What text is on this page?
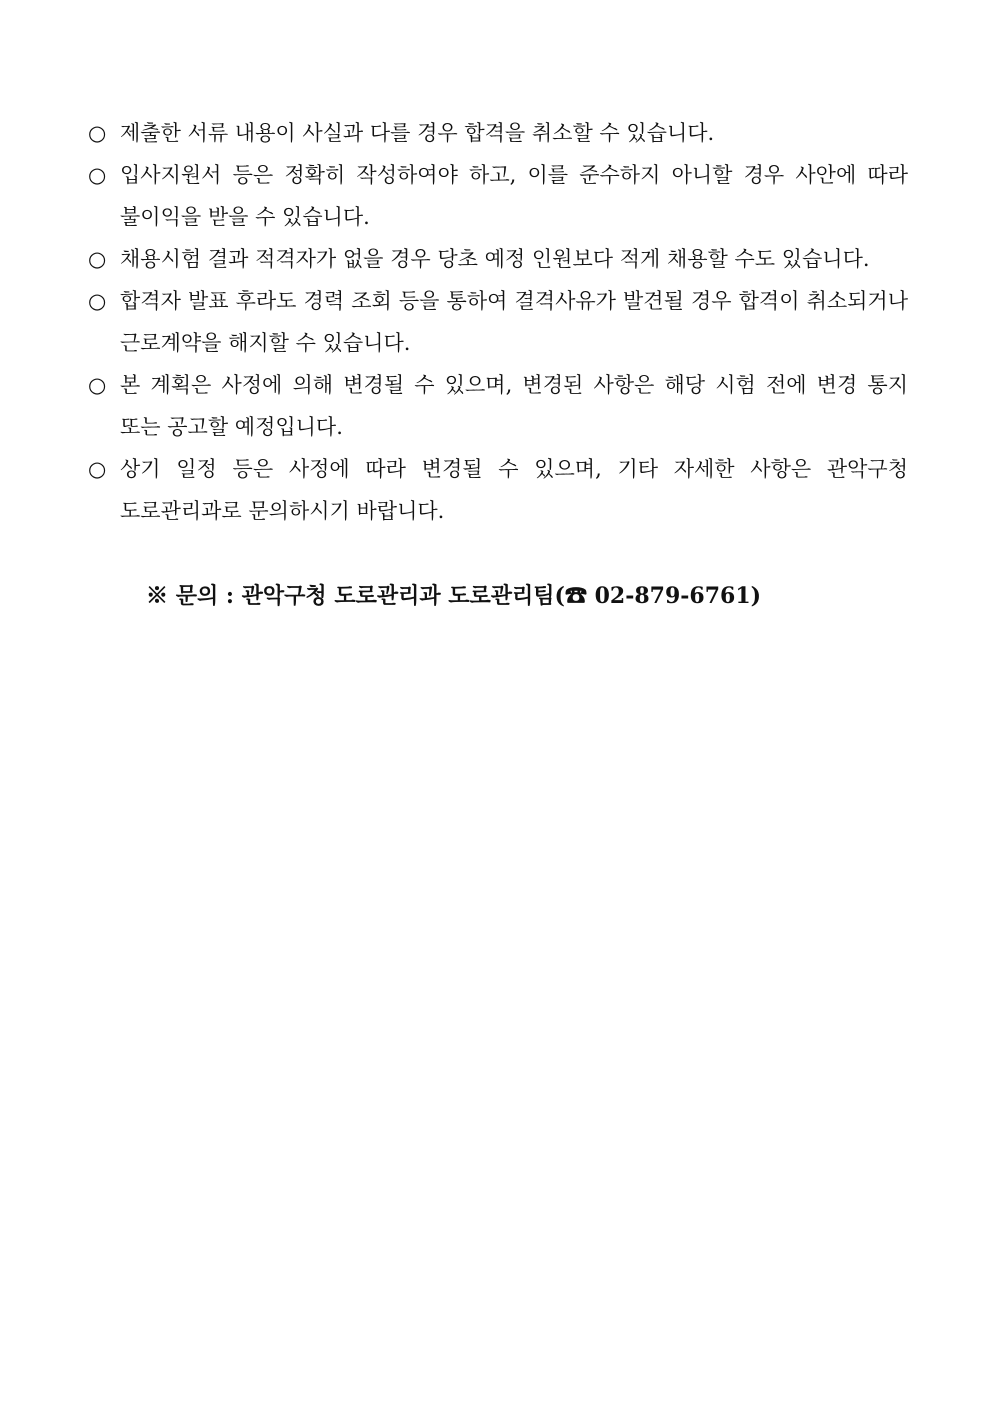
○ 제출한 서류 내용이 사실과 다를 경우 합격을 취소할 수 있습니다.
○ 입사지원서 등은 정확히 작성하여야 하고, 이를 준수하지 아니할 경우 사안에 따라 불이익을 받을 수 있습니다.
○ 채용시험 결과 적격자가 없을 경우 당초 예정 인원보다 적게 채용할 수도 있습니다.
○ 합격자 발표 후라도 경력 조회 등을 통하여 결격사유가 발견될 경우 합격이 취소되거나 근로계약을 해지할 수 있습니다.
○ 본 계획은 사정에 의해 변경될 수 있으며, 변경된 사항은 해당 시험 전에 변경 통지 또는 공고할 예정입니다.
○ 상기 일정 등은 사정에 따라 변경될 수 있으며, 기타 자세한 사항은 관악구청 도로관리과로 문의하시기 바랍니다.
※ 문의 : 관악구청 도로관리과 도로관리팀(☎ 02-879-6761)
